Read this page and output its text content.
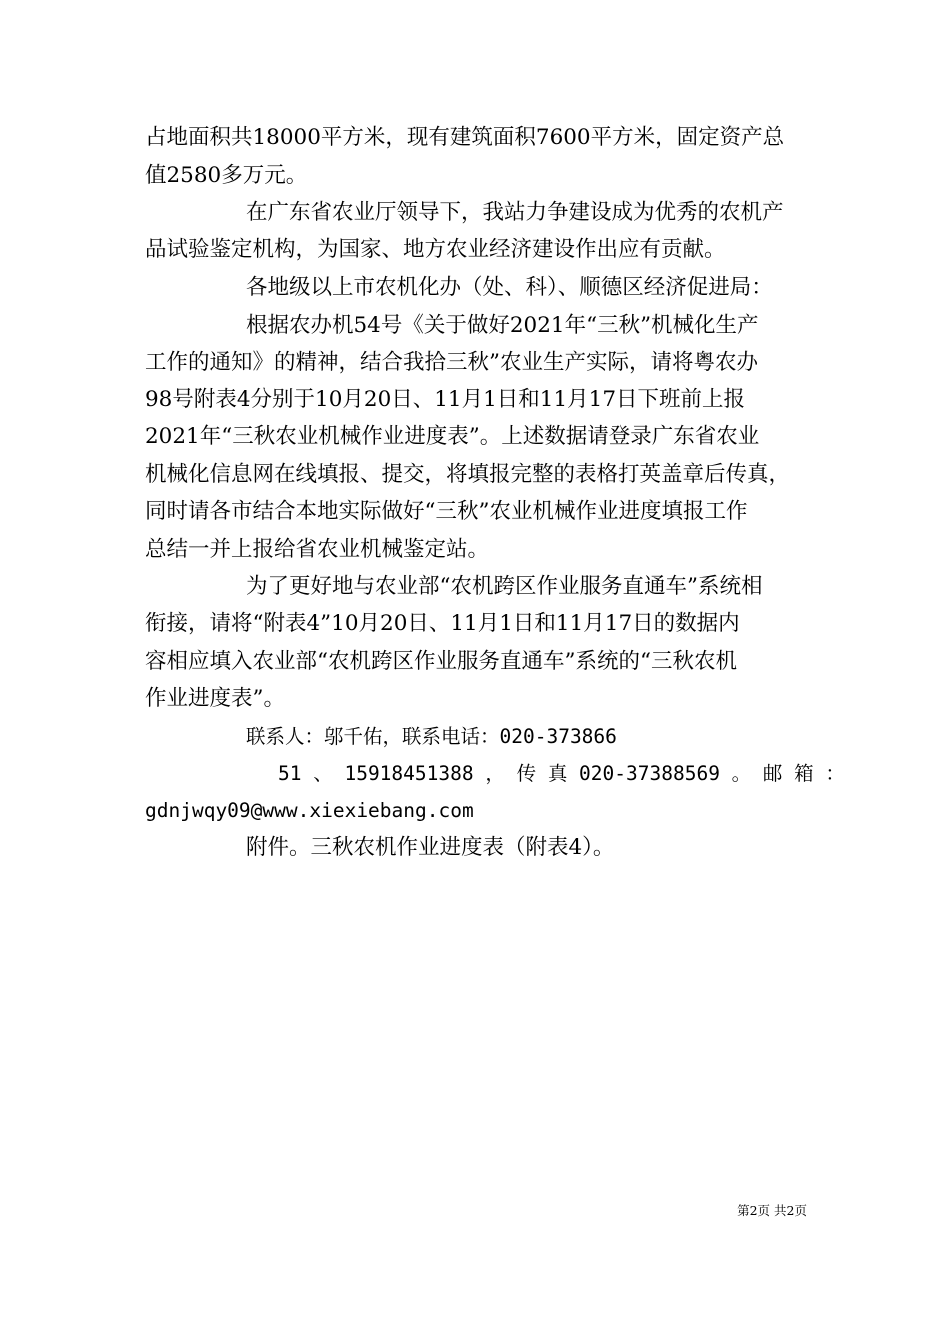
占地面积共18000平方米，现有建筑面积7600平方米，固定资产总
值2580多万元。
在广东省农业厅领导下，我站力争建设成为优秀的农机产
品试验鉴定机构，为国家、地方农业经济建设作出应有贡献。
各地级以上市农机化办（处、科）、顺德区经济促进局：
根据农办机54号《关于做好2021年“三秋”机械化生产
工作的通知》的精神，结合我拾三秋”农业生产实际，请将粤农办
98号附表4分别于10月20日、11月1日和11月17日下班前上报
2021年“三秋农业机械作业进度表”。上述数据请登录广东省农业
机械化信息网在线填报、提交，将填报完整的表格打英盖章后传真，
同时请各市结合本地实际做好“三秋”农业机械作业进度填报工作
总结一并上报给省农业机械鉴定站。
为了更好地与农业部“农机跨区作业服务直通车”系统相
衔接，请将“附表4”10月20日、11月1日和11月17日的数据内
容相应填入农业部“农机跨区作业服务直通车”系统的“三秋农机
作业进度表”。
联系人：邬千佑，联系电话：020-373866
51 、 15918451388 ， 传 真 020-37388569 。 邮 箱 ：
gdnjwqy09@www.xiexiebang.com
附件。三秋农机作业进度表（附表4）。
第2页 共2页
